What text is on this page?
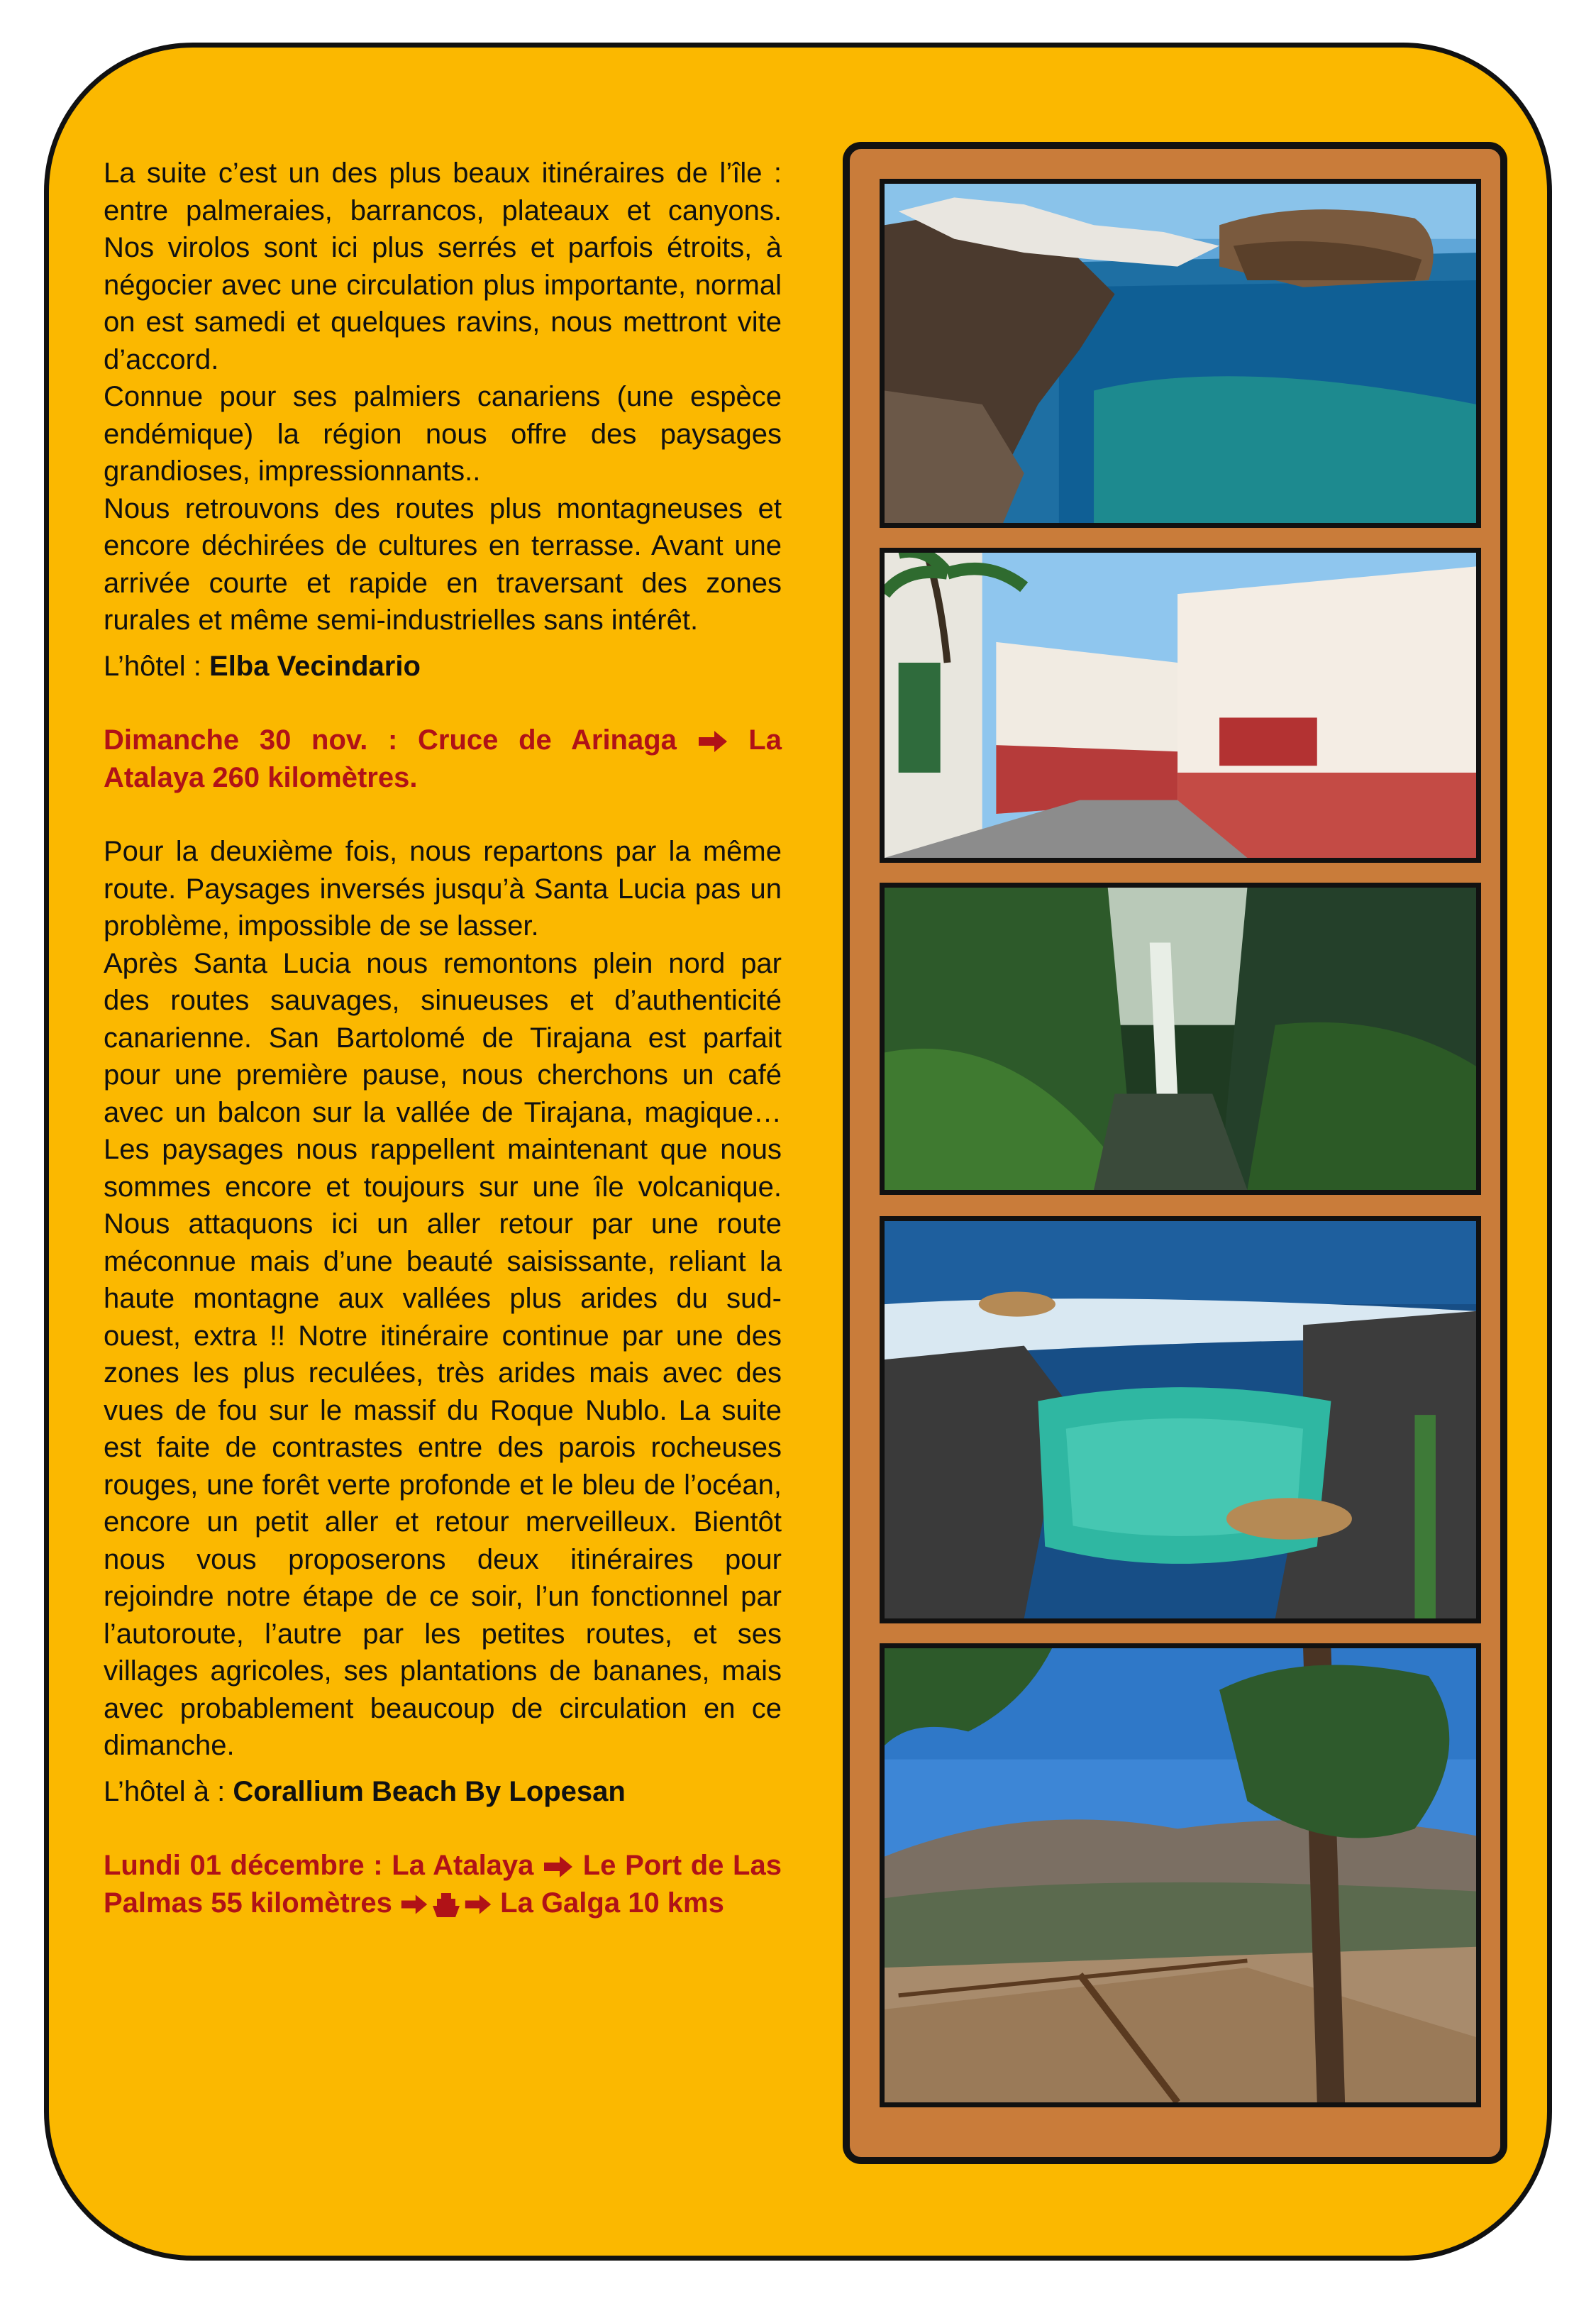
La suite c’est un des plus beaux itinéraires de l’île : entre palmeraies, barrancos, plateaux et canyons. Nos virolos sont ici plus serrés et parfois étroits, à négocier avec une circulation plus importante, normal on est samedi et quelques ravins, nous mettront vite d’accord.

Connue pour ses palmiers canariens (une espèce endémique) la région nous offre des paysages grandioses, impressionnants..

Nous retrouvons des routes plus montagneuses et encore déchirées de cultures en terrasse. Avant une arrivée courte et rapide en traversant des zones rurales et même semi-industrielles sans intérêt.

L’hôtel : Elba Vecindario

Dimanche 30 nov. : Cruce de Arinaga  La Atalaya 260 kilomètres.

Pour la deuxième fois, nous repartons par la même route. Paysages inversés jusqu’à Santa Lucia pas un problème, impossible de se lasser.

Après Santa Lucia nous remontons plein nord par des routes sauvages, sinueuses et d’authenticité canarienne. San Bartolomé de Tirajana est parfait pour une première pause, nous cherchons un café avec un balcon sur la vallée de Tirajana, magique… Les paysages nous rappellent maintenant que nous sommes encore et toujours sur une île volcanique. Nous attaquons ici un aller retour par une route méconnue mais d’une beauté saisissante, reliant la haute montagne aux vallées plus arides du sud-ouest, extra !! Notre itinéraire continue par une des zones les plus reculées, très arides mais avec des vues de fou sur le massif du Roque Nublo. La suite est faite de contrastes entre des parois rocheuses rouges, une forêt verte profonde et le bleu de l’océan, encore un petit aller et retour merveilleux. Bientôt nous vous proposerons deux itinéraires pour rejoindre notre étape de ce soir, l’un fonctionnel par l’autoroute, l’autre par les petites routes, et ses villages agricoles, ses plantations de bananes, mais avec probablement beaucoup de circulation en ce dimanche.

L’hôtel à : Corallium Beach By Lopesan

Lundi 01 décembre : La Atalaya  Le Port de Las Palmas 55 kilomètres	La Galga 10 kms
